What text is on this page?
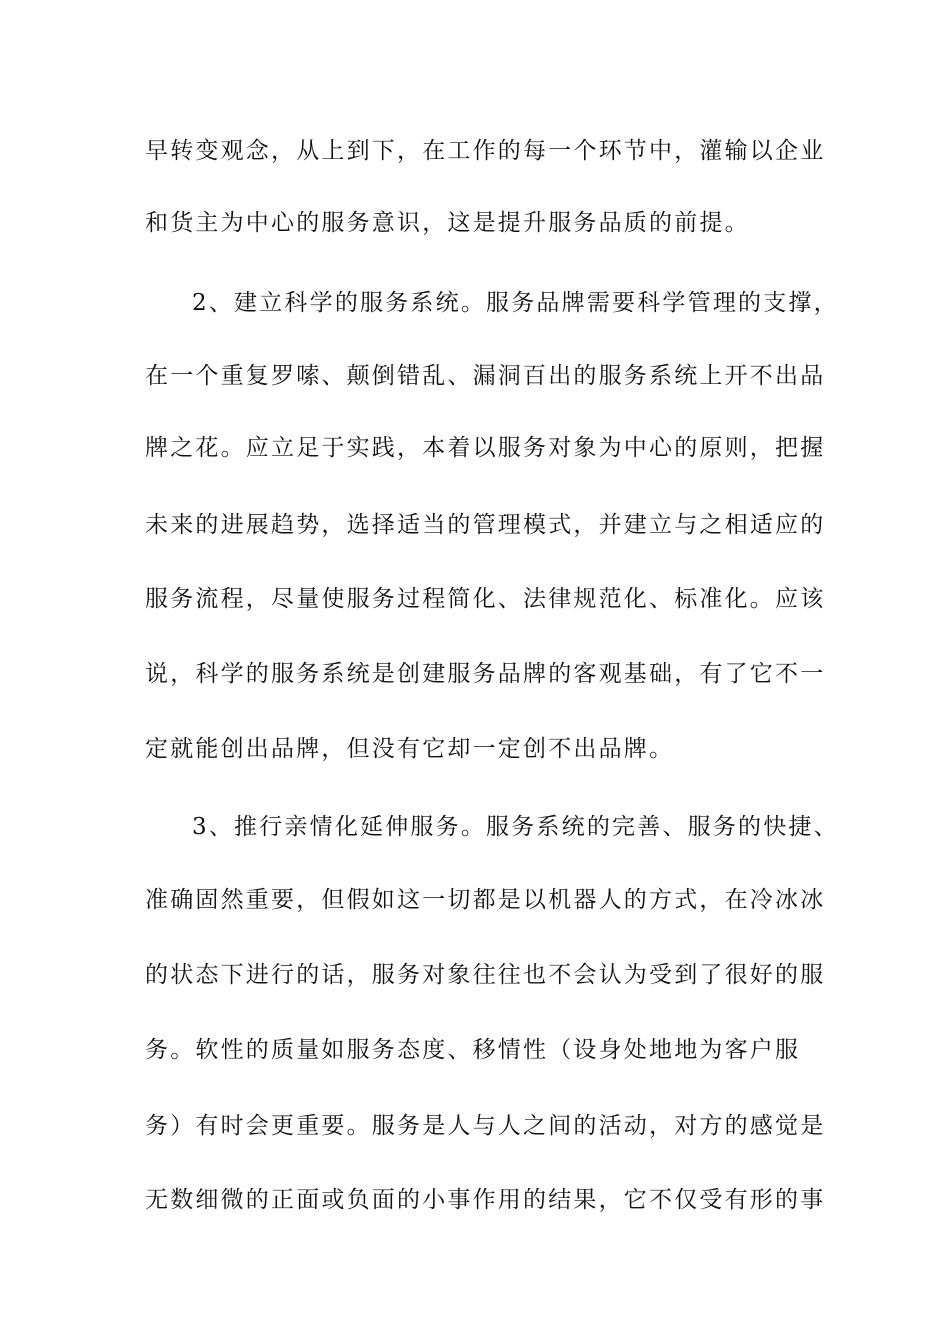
早转变观念，从上到下，在工作的每一个环节中，灌输以企业
和货主为中心的服务意识，这是提升服务品质的前提。
2、建立科学的服务系统。服务品牌需要科学管理的支撑，
在一个重复罗嗦、颠倒错乱、漏洞百出的服务系统上开不出品
牌之花。应立足于实践，本着以服务对象为中心的原则，把握
未来的进展趋势，选择适当的管理模式，并建立与之相适应的
服务流程，尽量使服务过程简化、法律规范化、标准化。应该
说，科学的服务系统是创建服务品牌的客观基础，有了它不一
定就能创出品牌，但没有它却一定创不出品牌。
3、推行亲情化延伸服务。服务系统的完善、服务的快捷、
准确固然重要，但假如这一切都是以机器人的方式，在冷冰冰
的状态下进行的话，服务对象往往也不会认为受到了很好的服
务。软性的质量如服务态度、移情性（设身处地地为客户服
务）有时会更重要。服务是人与人之间的活动，对方的感觉是
无数细微的正面或负面的小事作用的结果，它不仅受有形的事
